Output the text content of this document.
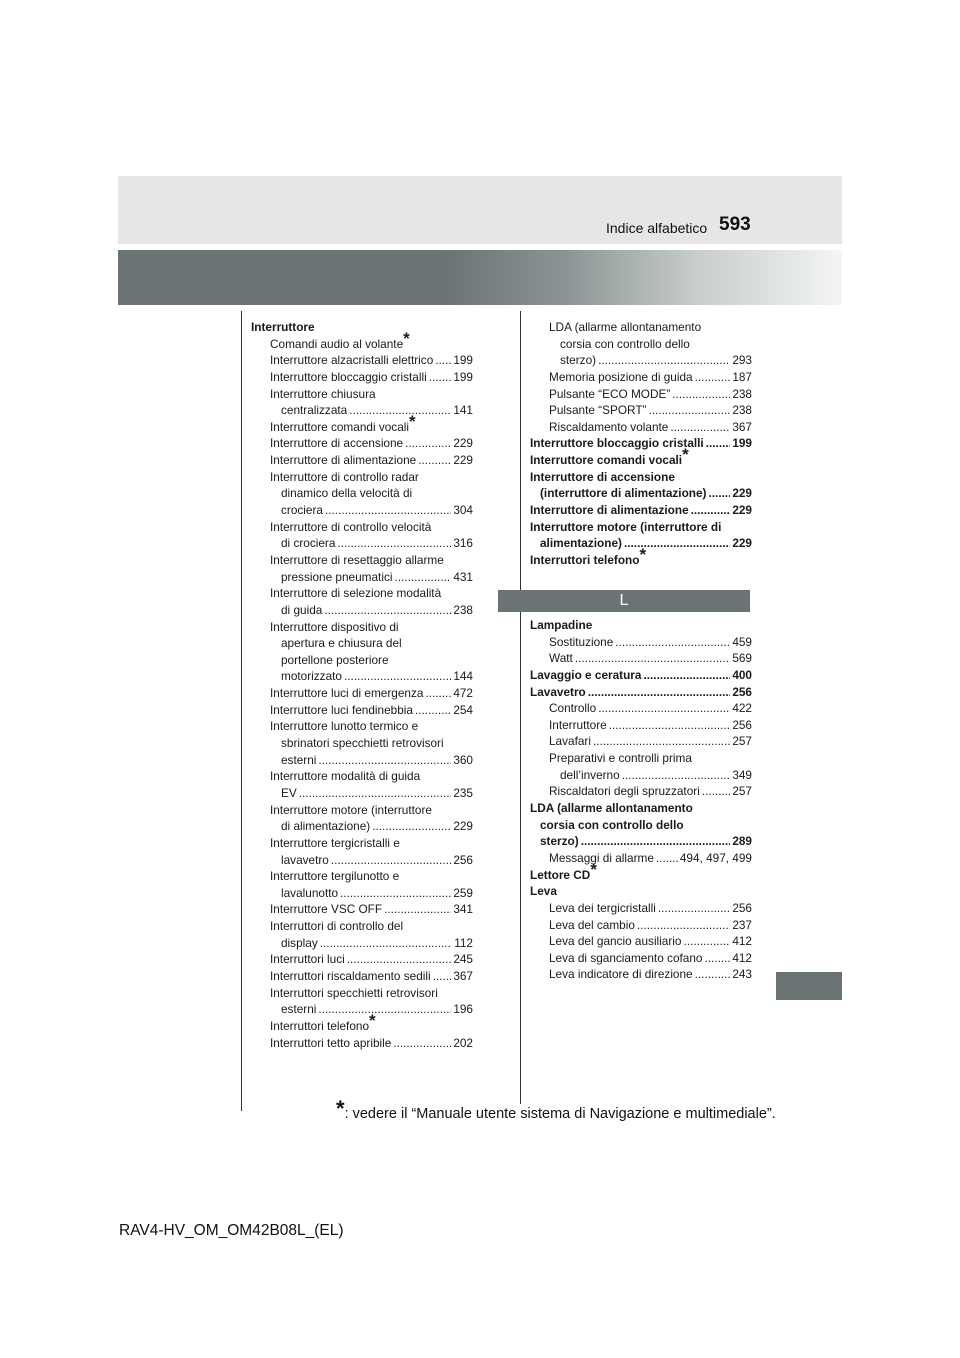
Indice alfabetico 593
Interruttore
Comandi audio al volante*
Interruttore alzacristalli elettrico ..... 199
Interruttore bloccaggio cristalli ..... 199
Interruttore chiusura
centralizzata .....	141
Interruttore comandi vocali*
Interruttore di accensione .....	229
Interruttore di alimentazione .....	229
Interruttore di controllo radar
dinamico della velocità di
crociera .....	304
Interruttore di controllo velocità
di crociera .....	316
Interruttore di resettaggio allarme
pressione pneumatici .....	431
Interruttore di selezione modalità
di guida .....	238
Interruttore dispositivo di
apertura e chiusura del
portellone posteriore
motorizzato .....	144
Interruttore luci di emergenza .....	472
Interruttore luci fendinebbia .....	254
Interruttore lunotto termico e
sbrinatori specchietti retrovisori
esterni .....	360
Interruttore modalità di guida
EV .....	235
Interruttore motore (interruttore
di alimentazione) .....	229
Interruttore tergicristalli e
lavavetro .....	256
Interruttore tergilunotto e
lavalunotto .....	259
Interruttore VSC OFF .....	341
Interruttori di controllo del
display .....	112
Interruttori luci .....	245
Interruttori riscaldamento sedili ..... 367
Interruttori specchietti retrovisori
esterni .....	196
Interruttori telefono*
Interruttori tetto apribile .....	202
LDA (allarme allontanamento
corsia con controllo dello
sterzo) .....	293
Memoria posizione di guida .....	187
Pulsante “ECO MODE” .....	238
Pulsante “SPORT” .....	238
Riscaldamento volante .....	367
Interruttore bloccaggio cristalli ..... 199
Interruttore comandi vocali*
Interruttore di accensione
(interruttore di alimentazione) ..... 229
Interruttore di alimentazione .....	229
Interruttore motore (interruttore di
alimentazione) .....	229
Interruttori telefono*
L
Lampadine
Sostituzione .....	459
Watt .....	569
Lavaggio e ceratura .....	400
Lavavetro .....	256
Controllo .....	422
Interruttore .....	256
Lavafari .....	257
Preparativi e controlli prima
dell’inverno .....	349
Riscaldatori degli spruzzatori .....	257
LDA (allarme allontanamento
corsia con controllo dello
sterzo) .....	289
Messaggi di allarme ..... 494, 497, 499
Lettore CD*
Leva
Leva dei tergicristalli .....	256
Leva del cambio .....	237
Leva del gancio ausiliario .....	412
Leva di sganciamento cofano .....	412
Leva indicatore di direzione .....	243
*: vedere il “Manuale utente sistema di Navigazione e multimediale”.
RAV4-HV_OM_OM42B08L_(EL)
